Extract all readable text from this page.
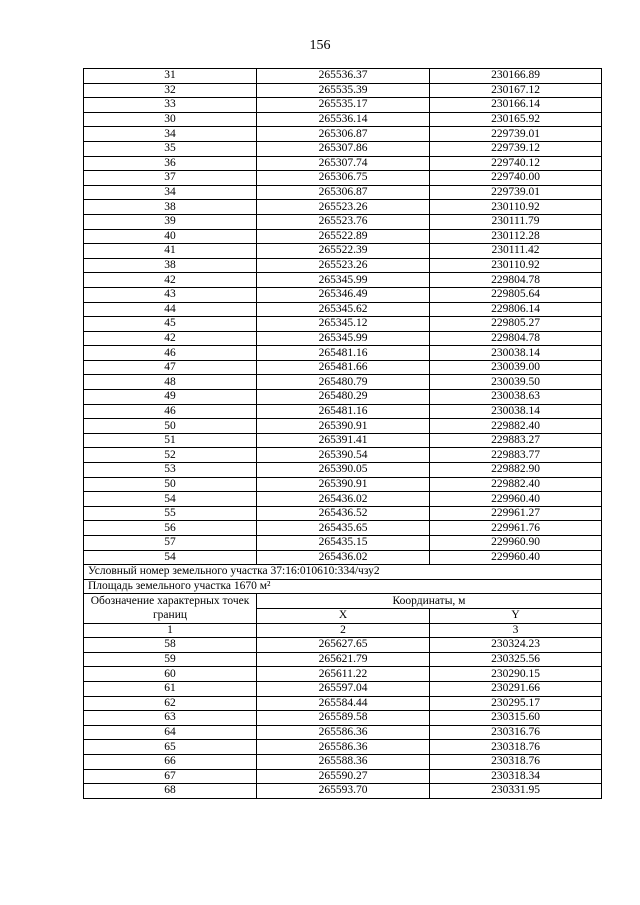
156
31	265536.37	230166.89
32	265535.39	230167.12
33	265535.17	230166.14
30	265536.14	230165.92
34	265306.87	229739.01
35	265307.86	229739.12
36	265307.74	229740.12
37	265306.75	229740.00
34	265306.87	229739.01
38	265523.26	230110.92
39	265523.76	230111.79
40	265522.89	230112.28
41	265522.39	230111.42
38	265523.26	230110.92
42	265345.99	229804.78
43	265346.49	229805.64
44	265345.62	229806.14
45	265345.12	229805.27
42	265345.99	229804.78
46	265481.16	230038.14
47	265481.66	230039.00
48	265480.79	230039.50
49	265480.29	230038.63
46	265481.16	230038.14
50	265390.91	229882.40
51	265391.41	229883.27
52	265390.54	229883.77
53	265390.05	229882.90
50	265390.91	229882.40
54	265436.02	229960.40
55	265436.52	229961.27
56	265435.65	229961.76
57	265435.15	229960.90
54	265436.02	229960.40
Условный номер земельного участка 37:16:010610:334/чзу2		
Площадь земельного участка 1670 м²		
Обозначение характерных точек границ	Координаты, м	
	X	Y
1	2	3
58	265627.65	230324.23
59	265621.79	230325.56
60	265611.22	230290.15
61	265597.04	230291.66
62	265584.44	230295.17
63	265589.58	230315.60
64	265586.36	230316.76
65	265586.36	230318.76
66	265588.36	230318.76
67	265590.27	230318.34
68	265593.70	230331.95
